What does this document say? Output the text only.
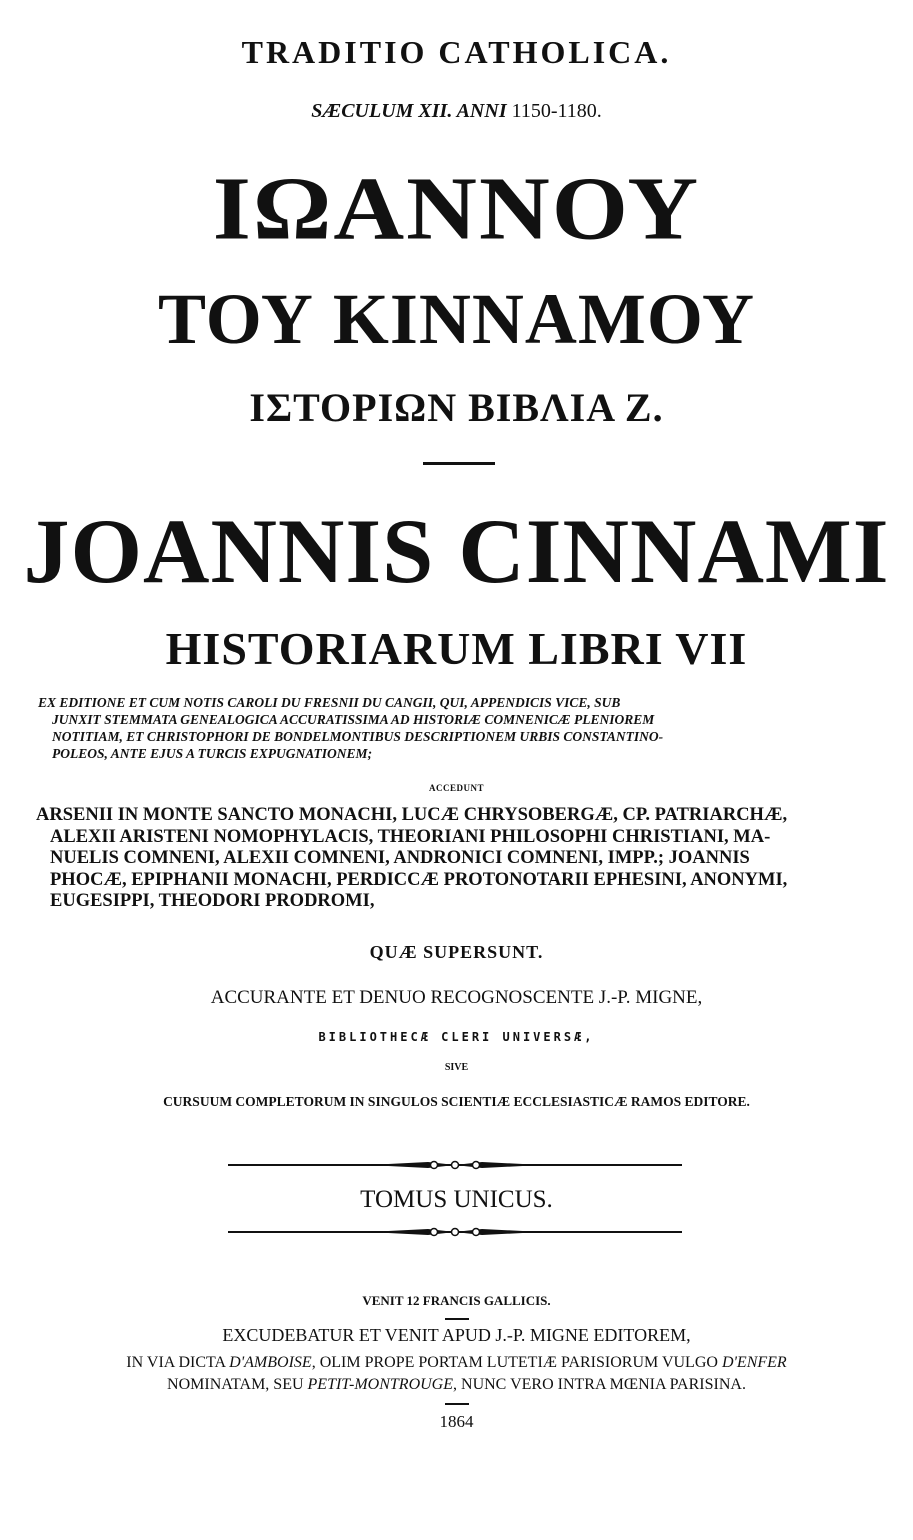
TRADITIO CATHOLICA.
SÆCULUM XII. ANNI 1150-1180.
ΙΩΑΝΝΟΥ
ΤΟΥ ΚΙΝΝΑΜΟΥ
ΙΣΤΟΡΙΩΝ ΒΙΒΛΙΑ Ζ.
JOANNIS CINNAMI
HISTORIARUM LIBRI VII
EX EDITIONE ET CUM NOTIS CAROLI DU FRESNII DU CANGII, QUI, APPENDICIS VICE, SUB
JUNXIT STEMMATA GENEALOGICA ACCURATISSIMA AD HISTORIÆ COMNENICÆ PLENIOREM
NOTITIAM, ET CHRISTOPHORI DE BONDELMONTIBUS DESCRIPTIONEM URBIS CONSTANTINO-
POLEOS, ANTE EJUS A TURCIS EXPUGNATIONEM;
ACCEDUNT
ARSENII IN MONTE SANCTO MONACHI, LUCÆ CHRYSOBERGÆ, CP. PATRIARCHÆ,
ALEXII ARISTENI NOMOPHYLACIS, THEORIANI PHILOSOPHI CHRISTIANI, MA-
NUELIS COMNENI, ALEXII COMNENI, ANDRONICI COMNENI, IMPP.; JOANNIS
PHOCÆ, EPIPHANII MONACHI, PERDICCÆ PROTONOTARII EPHESINI, ANONYMI,
EUGESIPPI, THEODORI PRODROMI,
QUÆ SUPERSUNT.
ACCURANTE ET DENUO RECOGNOSCENTE J.-P. MIGNE,
BIBLIOTHECÆ CLERI UNIVERSÆ,
SIVE
CURSUUM COMPLETORUM IN SINGULOS SCIENTIÆ ECCLESIASTICÆ RAMOS EDITORE.
TOMUS UNICUS.
VENIT 12 FRANCIS GALLICIS.
EXCUDEBATUR ET VENIT APUD J.-P. MIGNE EDITOREM,
IN VIA DICTA D'AMBOISE, OLIM PROPE PORTAM LUTETIÆ PARISIORUM VULGO D'ENFER
NOMINATAM, SEU PETIT-MONTROUGE, NUNC VERO INTRA MŒNIA PARISINA.
1864
